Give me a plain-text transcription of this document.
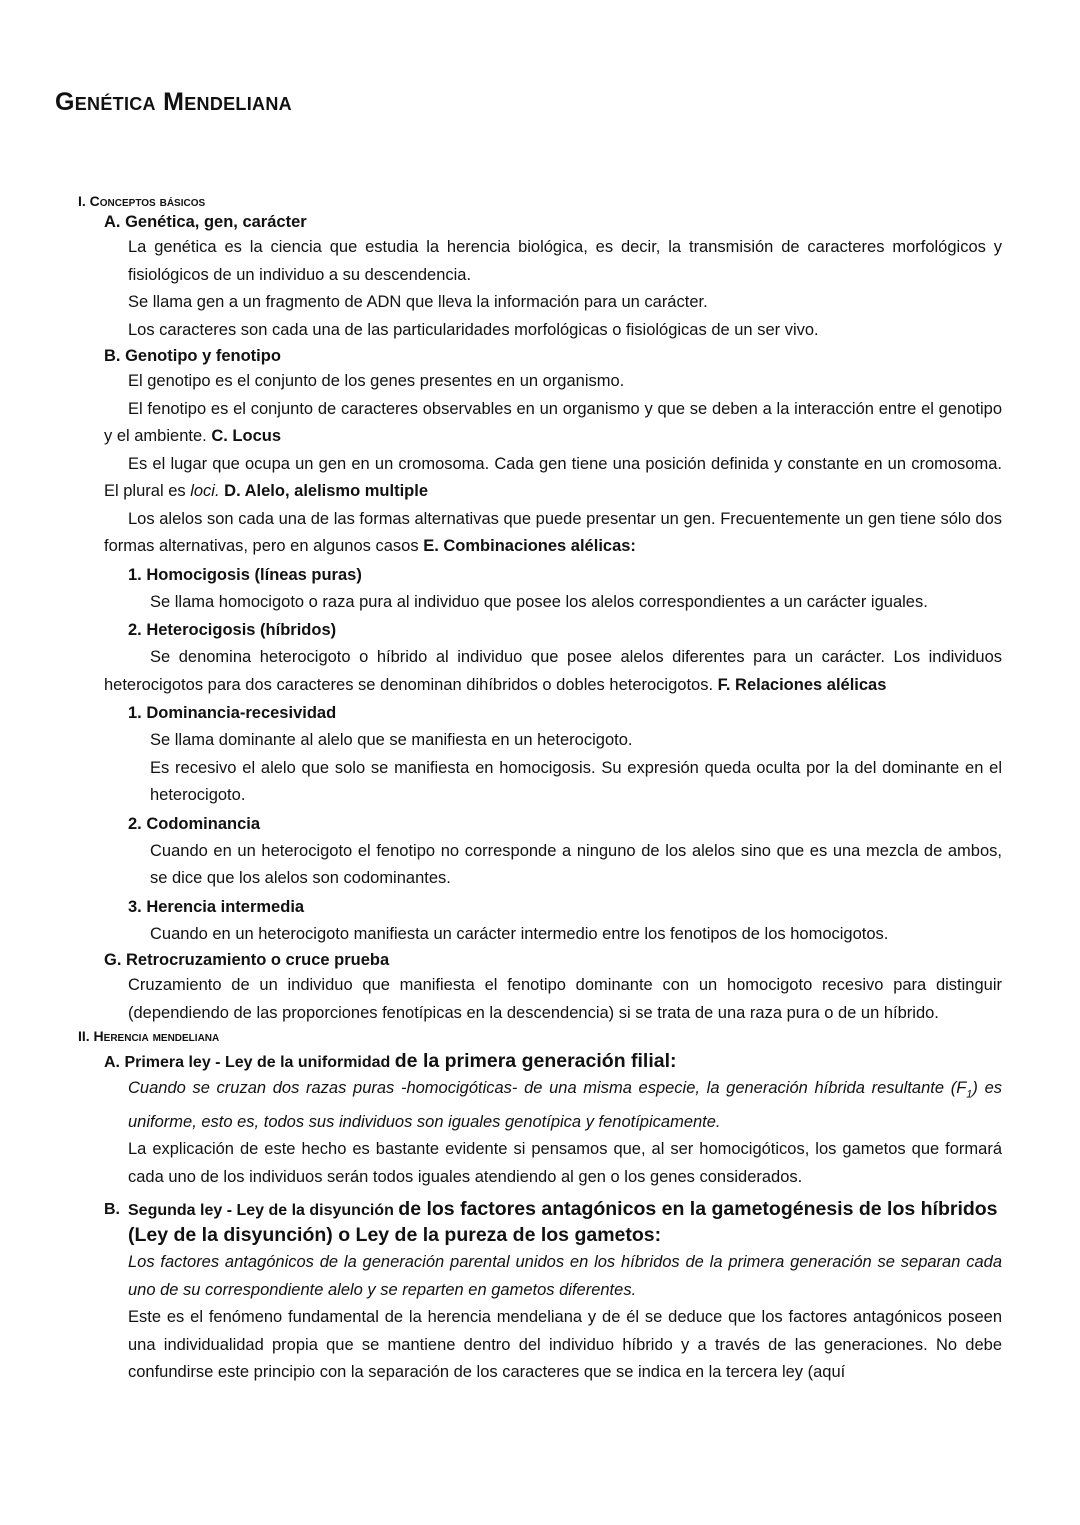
Genética Mendeliana
I. Conceptos básicos
A. Genética, gen, carácter
La genética es la ciencia que estudia la herencia biológica, es decir, la transmisión de caracteres morfológicos y fisiológicos de un individuo a su descendencia.
Se llama gen a un fragmento de ADN que lleva la información para un carácter.
Los caracteres son cada una de las particularidades morfológicas o fisiológicas de un ser vivo.
B. Genotipo y fenotipo
El genotipo es el conjunto de los genes presentes en un organismo.
El fenotipo es el conjunto de caracteres observables en un organismo y que se deben a la interacción entre el genotipo y el ambiente. C. Locus
Es el lugar que ocupa un gen en un cromosoma. Cada gen tiene una posición definida y constante en un cromosoma. El plural es loci. D. Alelo, alelismo multiple
Los alelos son cada una de las formas alternativas que puede presentar un gen. Frecuentemente un gen tiene sólo dos formas alternativas, pero en algunos casos E. Combinaciones alélicas:
1. Homocigosis (líneas puras)
Se llama homocigoto o raza pura al individuo que posee los alelos correspondientes a un carácter iguales.
2. Heterocigosis (híbridos)
Se denomina heterocigoto o híbrido al individuo que posee alelos diferentes para un carácter. Los individuos heterocigotos para dos caracteres se denominan dihíbridos o dobles heterocigotos. F. Relaciones alélicas
1. Dominancia-recesividad
Se llama dominante al alelo que se manifiesta en un heterocigoto.
Es recesivo el alelo que solo se manifiesta en homocigosis. Su expresión queda oculta por la del dominante en el heterocigoto.
2. Codominancia
Cuando en un heterocigoto el fenotipo no corresponde a ninguno de los alelos sino que es una mezcla de ambos, se dice que los alelos son codominantes.
3. Herencia intermedia
Cuando en un heterocigoto manifiesta un carácter intermedio entre los fenotipos de los homocigotos.
G. Retrocruzamiento o cruce prueba
Cruzamiento de un individuo que manifiesta el fenotipo dominante con un homocigoto recesivo para distinguir (dependiendo de las proporciones fenotípicas en la descendencia) si se trata de una raza pura o de un híbrido.
II. Herencia mendeliana
A. Primera ley - Ley de la uniformidad de la primera generación filial:
Cuando se cruzan dos razas puras -homocigóticas- de una misma especie, la generación híbrida resultante $(F_1)$ es uniforme, esto es, todos sus individuos son iguales genotípica y fenotípicamente.
La explicación de este hecho es bastante evidente si pensamos que, al ser homocigóticos, los gametos que formará cada uno de los individuos serán todos iguales atendiendo al gen o los genes considerados.
B. Segunda ley - Ley de la disyunción de los factores antagónicos en la gametogénesis de los híbridos (Ley de la disyunción) o Ley de la pureza de los gametos:
Los factores antagónicos de la generación parental unidos en los híbridos de la primera generación se separan cada uno de su correspondiente alelo y se reparten en gametos diferentes.
Este es el fenómeno fundamental de la herencia mendeliana y de él se deduce que los factores antagónicos poseen una individualidad propia que se mantiene dentro del individuo híbrido y a través de las generaciones. No debe confundirse este principio con la separación de los caracteres que se indica en la tercera ley (aquí
